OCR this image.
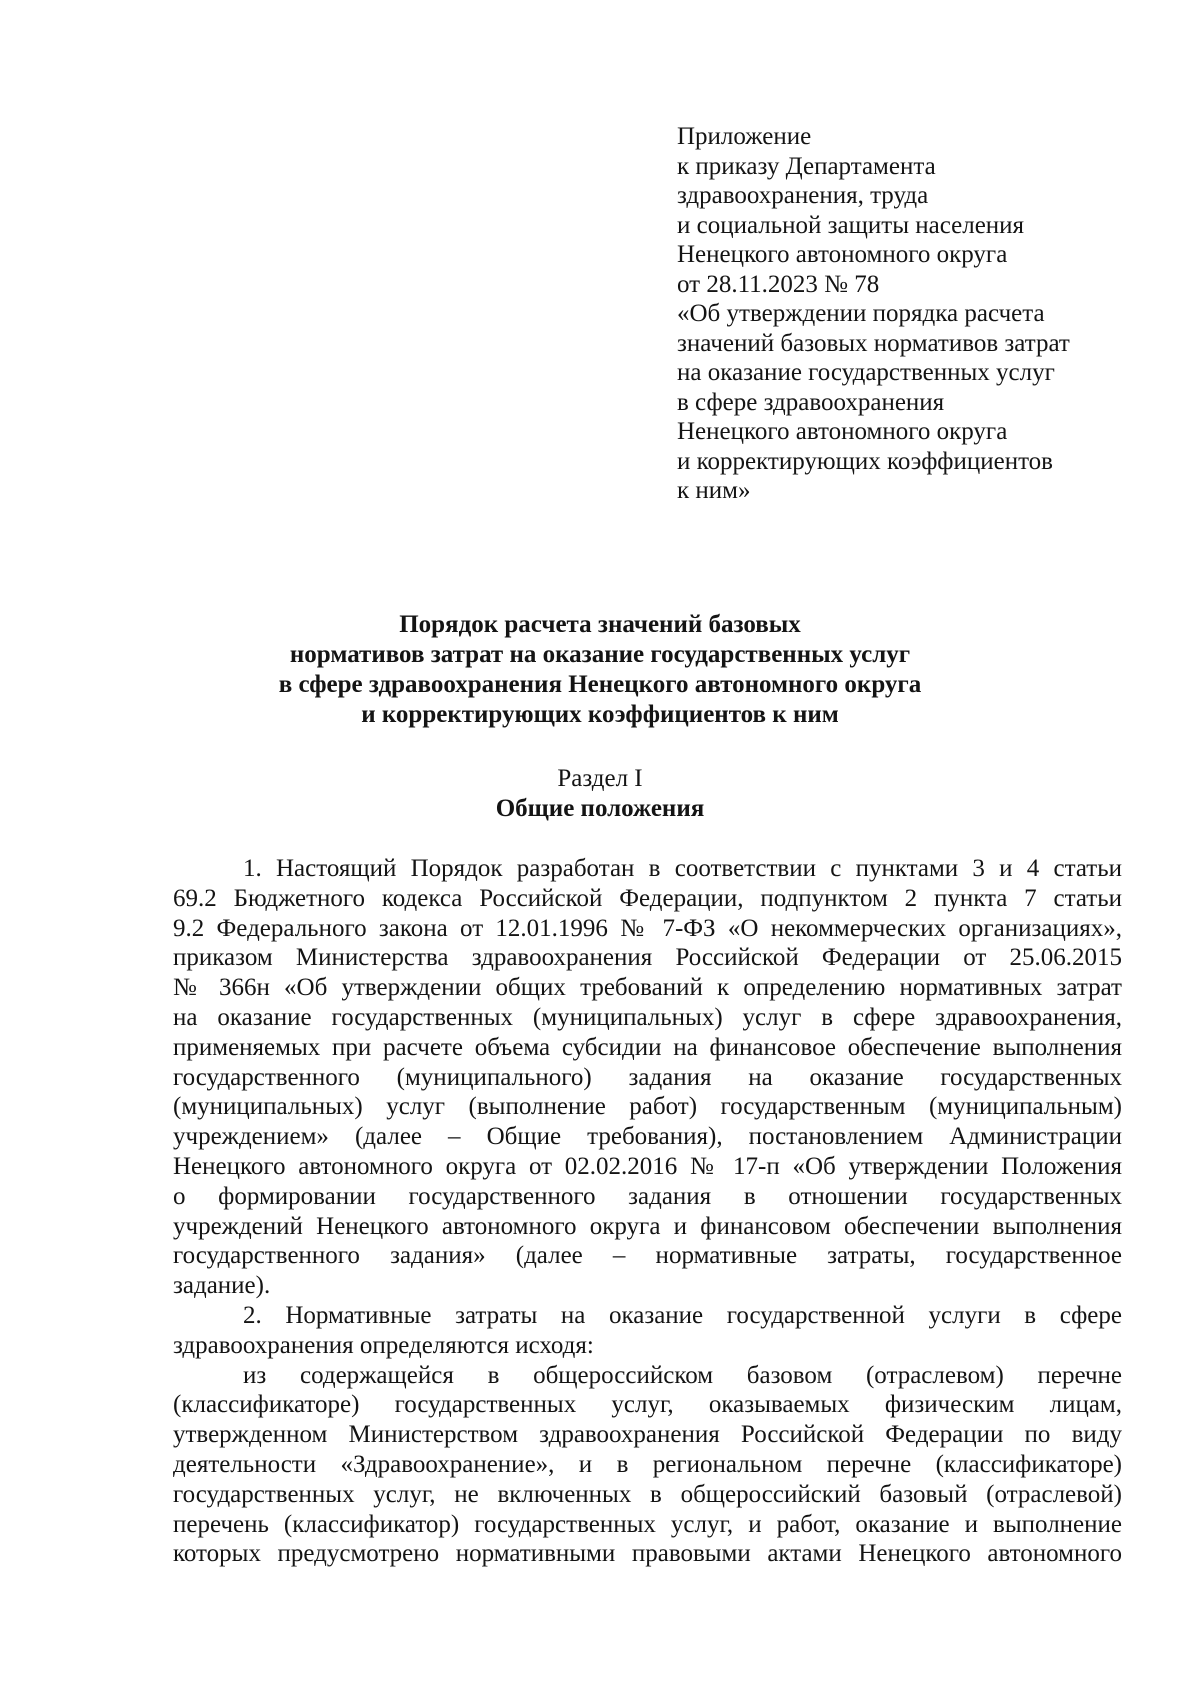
Приложение
к приказу Департамента
здравоохранения, труда
и социальной защиты населения
Ненецкого автономного округа
от 28.11.2023 № 78
«Об утверждении порядка расчета
значений базовых нормативов затрат
на оказание государственных услуг
в сфере здравоохранения
Ненецкого автономного округа
и корректирующих коэффициентов
к ним»
Порядок расчета значений базовых
нормативов затрат на оказание государственных услуг
в сфере здравоохранения Ненецкого автономного округа
и корректирующих коэффициентов к ним
Раздел I
Общие положения
1. Настоящий Порядок разработан в соответствии с пунктами 3 и 4 статьи
69.2 Бюджетного кодекса Российской Федерации, подпунктом 2 пункта 7 статьи
9.2 Федерального закона от 12.01.1996 № 7-ФЗ «О некоммерческих организациях»,
приказом Министерства здравоохранения Российской Федерации от 25.06.2015
№ 366н «Об утверждении общих требований к определению нормативных затрат
на оказание государственных (муниципальных) услуг в сфере здравоохранения,
применяемых при расчете объема субсидии на финансовое обеспечение выполнения
государственного (муниципального) задания на оказание государственных
(муниципальных) услуг (выполнение работ) государственным (муниципальным)
учреждением» (далее – Общие требования), постановлением Администрации
Ненецкого автономного округа от 02.02.2016 № 17-п «Об утверждении Положения
о формировании государственного задания в отношении государственных
учреждений Ненецкого автономного округа и финансовом обеспечении выполнения
государственного задания» (далее – нормативные затраты, государственное
задание).
2. Нормативные затраты на оказание государственной услуги в сфере
здравоохранения определяются исходя:
из содержащейся в общероссийском базовом (отраслевом) перечне
(классификаторе) государственных услуг, оказываемых физическим лицам,
утвержденном Министерством здравоохранения Российской Федерации по виду
деятельности «Здравоохранение», и в региональном перечне (классификаторе)
государственных услуг, не включенных в общероссийский базовый (отраслевой)
перечень (классификатор) государственных услуг, и работ, оказание и выполнение
которых предусмотрено нормативными правовыми актами Ненецкого автономного
